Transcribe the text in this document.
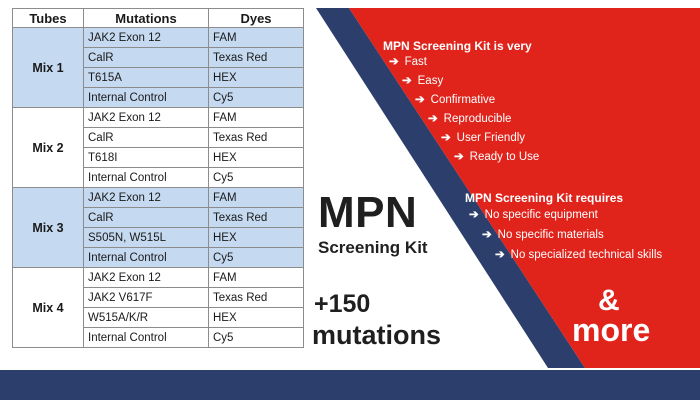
Tubes	Mutations	Dyes
Mix 1	JAK2 Exon 12	FAM
	CalR	Texas Red
	T615A	HEX
	Internal Control	Cy5
Mix 2	JAK2 Exon 12	FAM
	CalR	Texas Red
	T618I	HEX
	Internal Control	Cy5
Mix 3	JAK2 Exon 12	FAM
	CalR	Texas Red
	S505N, W515L	HEX
	Internal Control	Cy5
Mix 4	JAK2 Exon 12	FAM
	JAK2 V617F	Texas Red
	W515A/K/R	HEX
	Internal Control	Cy5
MPN
Screening Kit
+150
mutations
MPN Screening Kit is very
➔ Fast
➔ Easy
➔ Confirmative
➔ Reproducible
➔ User Friendly
➔ Ready to Use
MPN Screening Kit requires
➔ No specific equipment
➔ No specific materials
➔ No specialized technical skills
&
more
